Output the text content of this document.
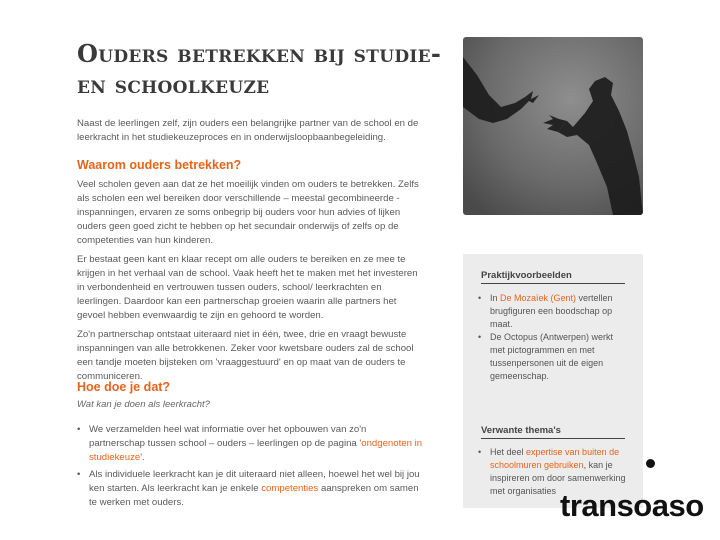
Ouders betrekken bij studie- en schoolkeuze

Naast de leerlingen zelf, zijn ouders een belangrijke partner van de school en de leerkracht in het studiekeuzeproces en in onderwijsloopbaanbegeleiding.

Waarom ouders betrekken?

Veel scholen geven aan dat ze het moeilijk vinden om ouders te betrekken. Zelfs als scholen een wel bereiken door verschillende – meestal gecombineerde - inspanningen, ervaren ze soms onbegrip bij ouders voor hun advies of lijken ouders geen goed zicht te hebben op het secundair onderwijs of zelfs op de competenties van hun kinderen.

Er bestaat geen kant en klaar recept om alle ouders te bereiken en ze mee te krijgen in het verhaal van de school. Vaak heeft het te maken met het investeren in verbondenheid en vertrouwen tussen ouders, school/ leerkrachten en leerlingen. Daardoor kan een partnerschap groeien waarin alle partners het gevoel hebben evenwaardig te zijn en gehoord te worden.

Zo'n partnerschap ontstaat uiteraard niet in één, twee, drie en vraagt bewuste inspanningen van alle betrokkenen. Zeker voor kwetsbare ouders zal de school een tandje moeten bijsteken om 'vraaggestuurd' en op maat van de ouders te communiceren.

Hoe doe je dat?
Wat kan je doen als leerkracht?
• We verzamelden heel wat informatie over het opbouwen van zo'n partnerschap tussen school – ouders – leerlingen op de pagina 'ondgenoten in studiekeuze'.
• Als individuele leerkracht kan je dit uiteraard niet alleen, hoewel het wel bij jou ken starten. Als leerkracht kan je enkele competenties aanspreken om samen te werken met ouders.
Praktijkvoorbeelden
• In De Mozaïek (Gent) vertellen brugfiguren een boodschap op maat.
• De Octopus (Antwerpen) werkt met pictogrammen en met tussenpersonen uit de eigen gemeenschap.
Verwante thema's
• Het deel expertise van buiten de schoolmuren gebruiken, kan je inspireren om door samenwerking met organisaties transoaso
